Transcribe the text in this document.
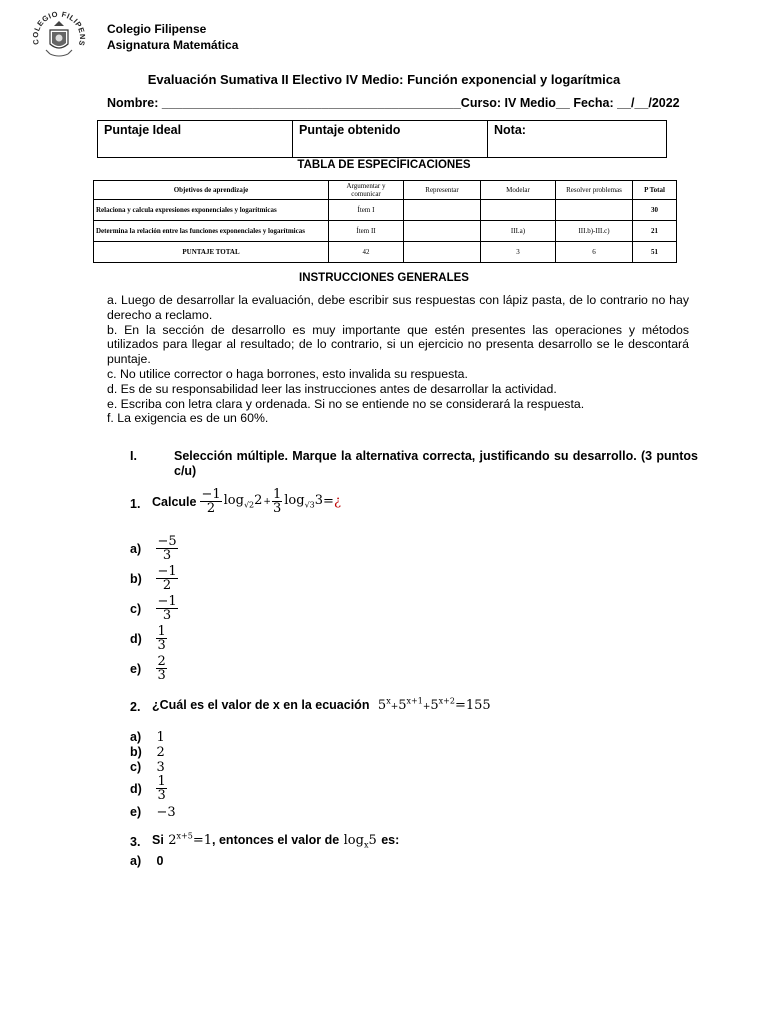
COLEGIO FILIPENS
Colegio Filipense
Asignatura Matemática
Evaluación Sumativa II Electivo IV Medio: Función exponencial y logarítmica
Nombre: ___________________________________________Curso: IV Medio__ Fecha: __/__/2022
Puntaje Ideal	Puntaje obtenido	Nota:
TABLA DE ESPECÍFICACIONES
Objetivos de aprendizaje	Argumentar y comunicar	Representar	Modelar	Resolver problemas	P Total
Relaciona y calcula expresiones exponenciales y logarítmicas	Ítem I				30
Determina la relación entre las funciones exponenciales y logarítmicas	Ítem II		III.a)	III.b)-III.c)	21
PUNTAJE TOTAL	42		3	6	51
INSTRUCCIONES GENERALES
a. Luego de desarrollar la evaluación, debe escribir sus respuestas con lápiz pasta, de lo contrario no hay derecho a reclamo.
b. En la sección de desarrollo es muy importante que estén presentes las operaciones y métodos utilizados para llegar al resultado; de lo contrario, si un ejercicio no presenta desarrollo se le descontará puntaje.
c. No utilice corrector o haga borrones, esto invalida su respuesta.
d. Es de su responsabilidad leer las instrucciones antes de desarrollar la actividad.
e. Escriba con letra clara y ordenada. Si no se entiende no se considerará la respuesta.
f. La exigencia es de un 60%.
I.	Selección múltiple. Marque la alternativa correcta, justificando su desarrollo. (3 puntos c/u)
1. Calcule $\frac{-1}{2} \log_{√2}2 + \frac{1}{3} \log_{√3}3$ = ¿
$a) \frac{-5}{3}$
$b) \frac{-1}{2}$
$c) \frac{-1}{3}$
$d) \frac{1}{3}$
$e) \frac{2}{3}$
2. ¿Cuál es el valor de x en la ecuación $5^x+5^{x+1}+5^{x+2}=155$
a) 1
b) 2
c) 3
$d) \frac{1}{3}$
e) −3
3. Si $2^{x+5}=1$, entonces el valor de $\log_x5$ es:
a) 0
